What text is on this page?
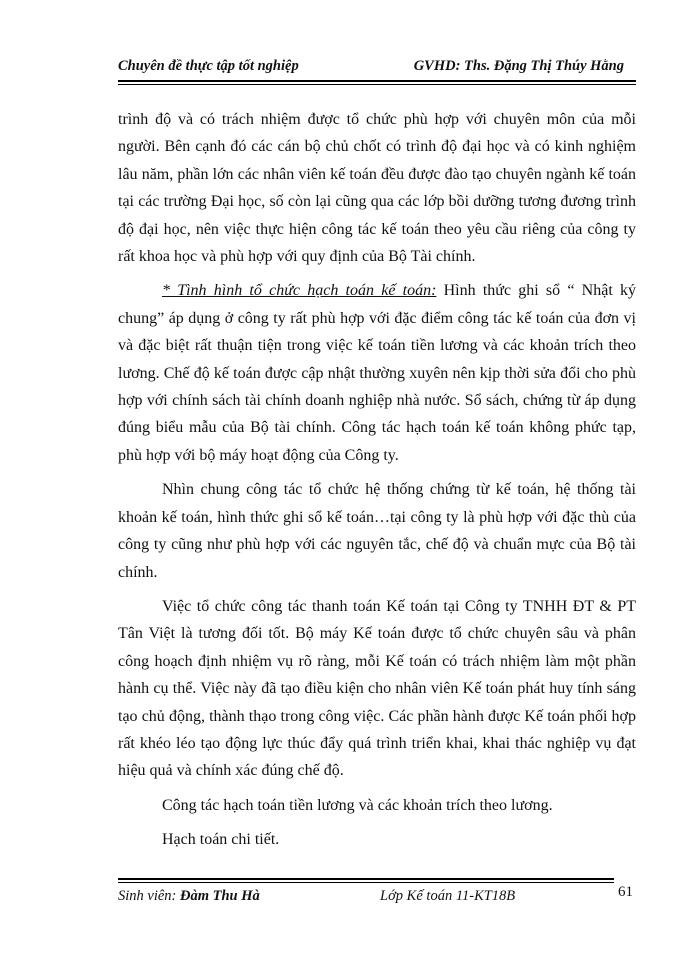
Chuyên đề thực tập tốt nghiệp	GVHD: Ths. Đặng Thị Thúy Hằng

trình độ và có trách nhiệm được tổ chức phù hợp với chuyên môn của mỗi người. Bên cạnh đó các cán bộ chủ chốt có trình độ đại học và có kinh nghiệm lâu năm, phần lớn các nhân viên kế toán đều được đào tạo chuyên ngành kế toán tại các trường Đại học, số còn lại cũng qua các lớp bồi dưỡng tương đương trình độ đại học, nên việc thực hiện công tác kế toán theo yêu cầu riêng của công ty rất khoa học và phù hợp với quy định của Bộ Tài chính.

* Tình hình tổ chức hạch toán kế toán: Hình thức ghi sổ “ Nhật ký chung” áp dụng ở công ty rất phù hợp với đặc điểm công tác kế toán của đơn vị và đặc biệt rất thuận tiện trong việc kế toán tiền lương và các khoản trích theo lương. Chế độ kế toán được cập nhật thường xuyên nên kịp thời sửa đổi cho phù hợp với chính sách tài chính doanh nghiệp nhà nước. Sổ sách, chứng từ áp dụng đúng biểu mẫu của Bộ tài chính. Công tác hạch toán kế toán không phức tạp, phù hợp với bộ máy hoạt động của Công ty.

Nhìn chung công tác tổ chức hệ thống chứng từ kế toán, hệ thống tài khoản kế toán, hình thức ghi sổ kế toán…tại công ty là phù hợp với đặc thù của công ty cũng như phù hợp với các nguyên tắc, chế độ và chuẩn mực của Bộ tài chính.

Việc tổ chức công tác thanh toán Kế toán tại Công ty TNHH ĐT & PT Tân Việt là tương đối tốt. Bộ máy Kế toán được tổ chức chuyên sâu và phân công hoạch định nhiệm vụ rõ ràng, mỗi Kế toán có trách nhiệm làm một phần hành cụ thể. Việc này đã tạo điều kiện cho nhân viên Kế toán phát huy tính sáng tạo chủ động, thành thạo trong công việc. Các phần hành được Kế toán phối hợp rất khéo léo tạo động lực thúc đẩy quá trình triển khai, khai thác nghiệp vụ đạt hiệu quả và chính xác đúng chế độ.

Công tác hạch toán tiền lương và các khoản trích theo lương.

Hạch toán chi tiết.

Sinh viên: Đàm Thu Hà	Lớp Kế toán 11-KT18B	61
